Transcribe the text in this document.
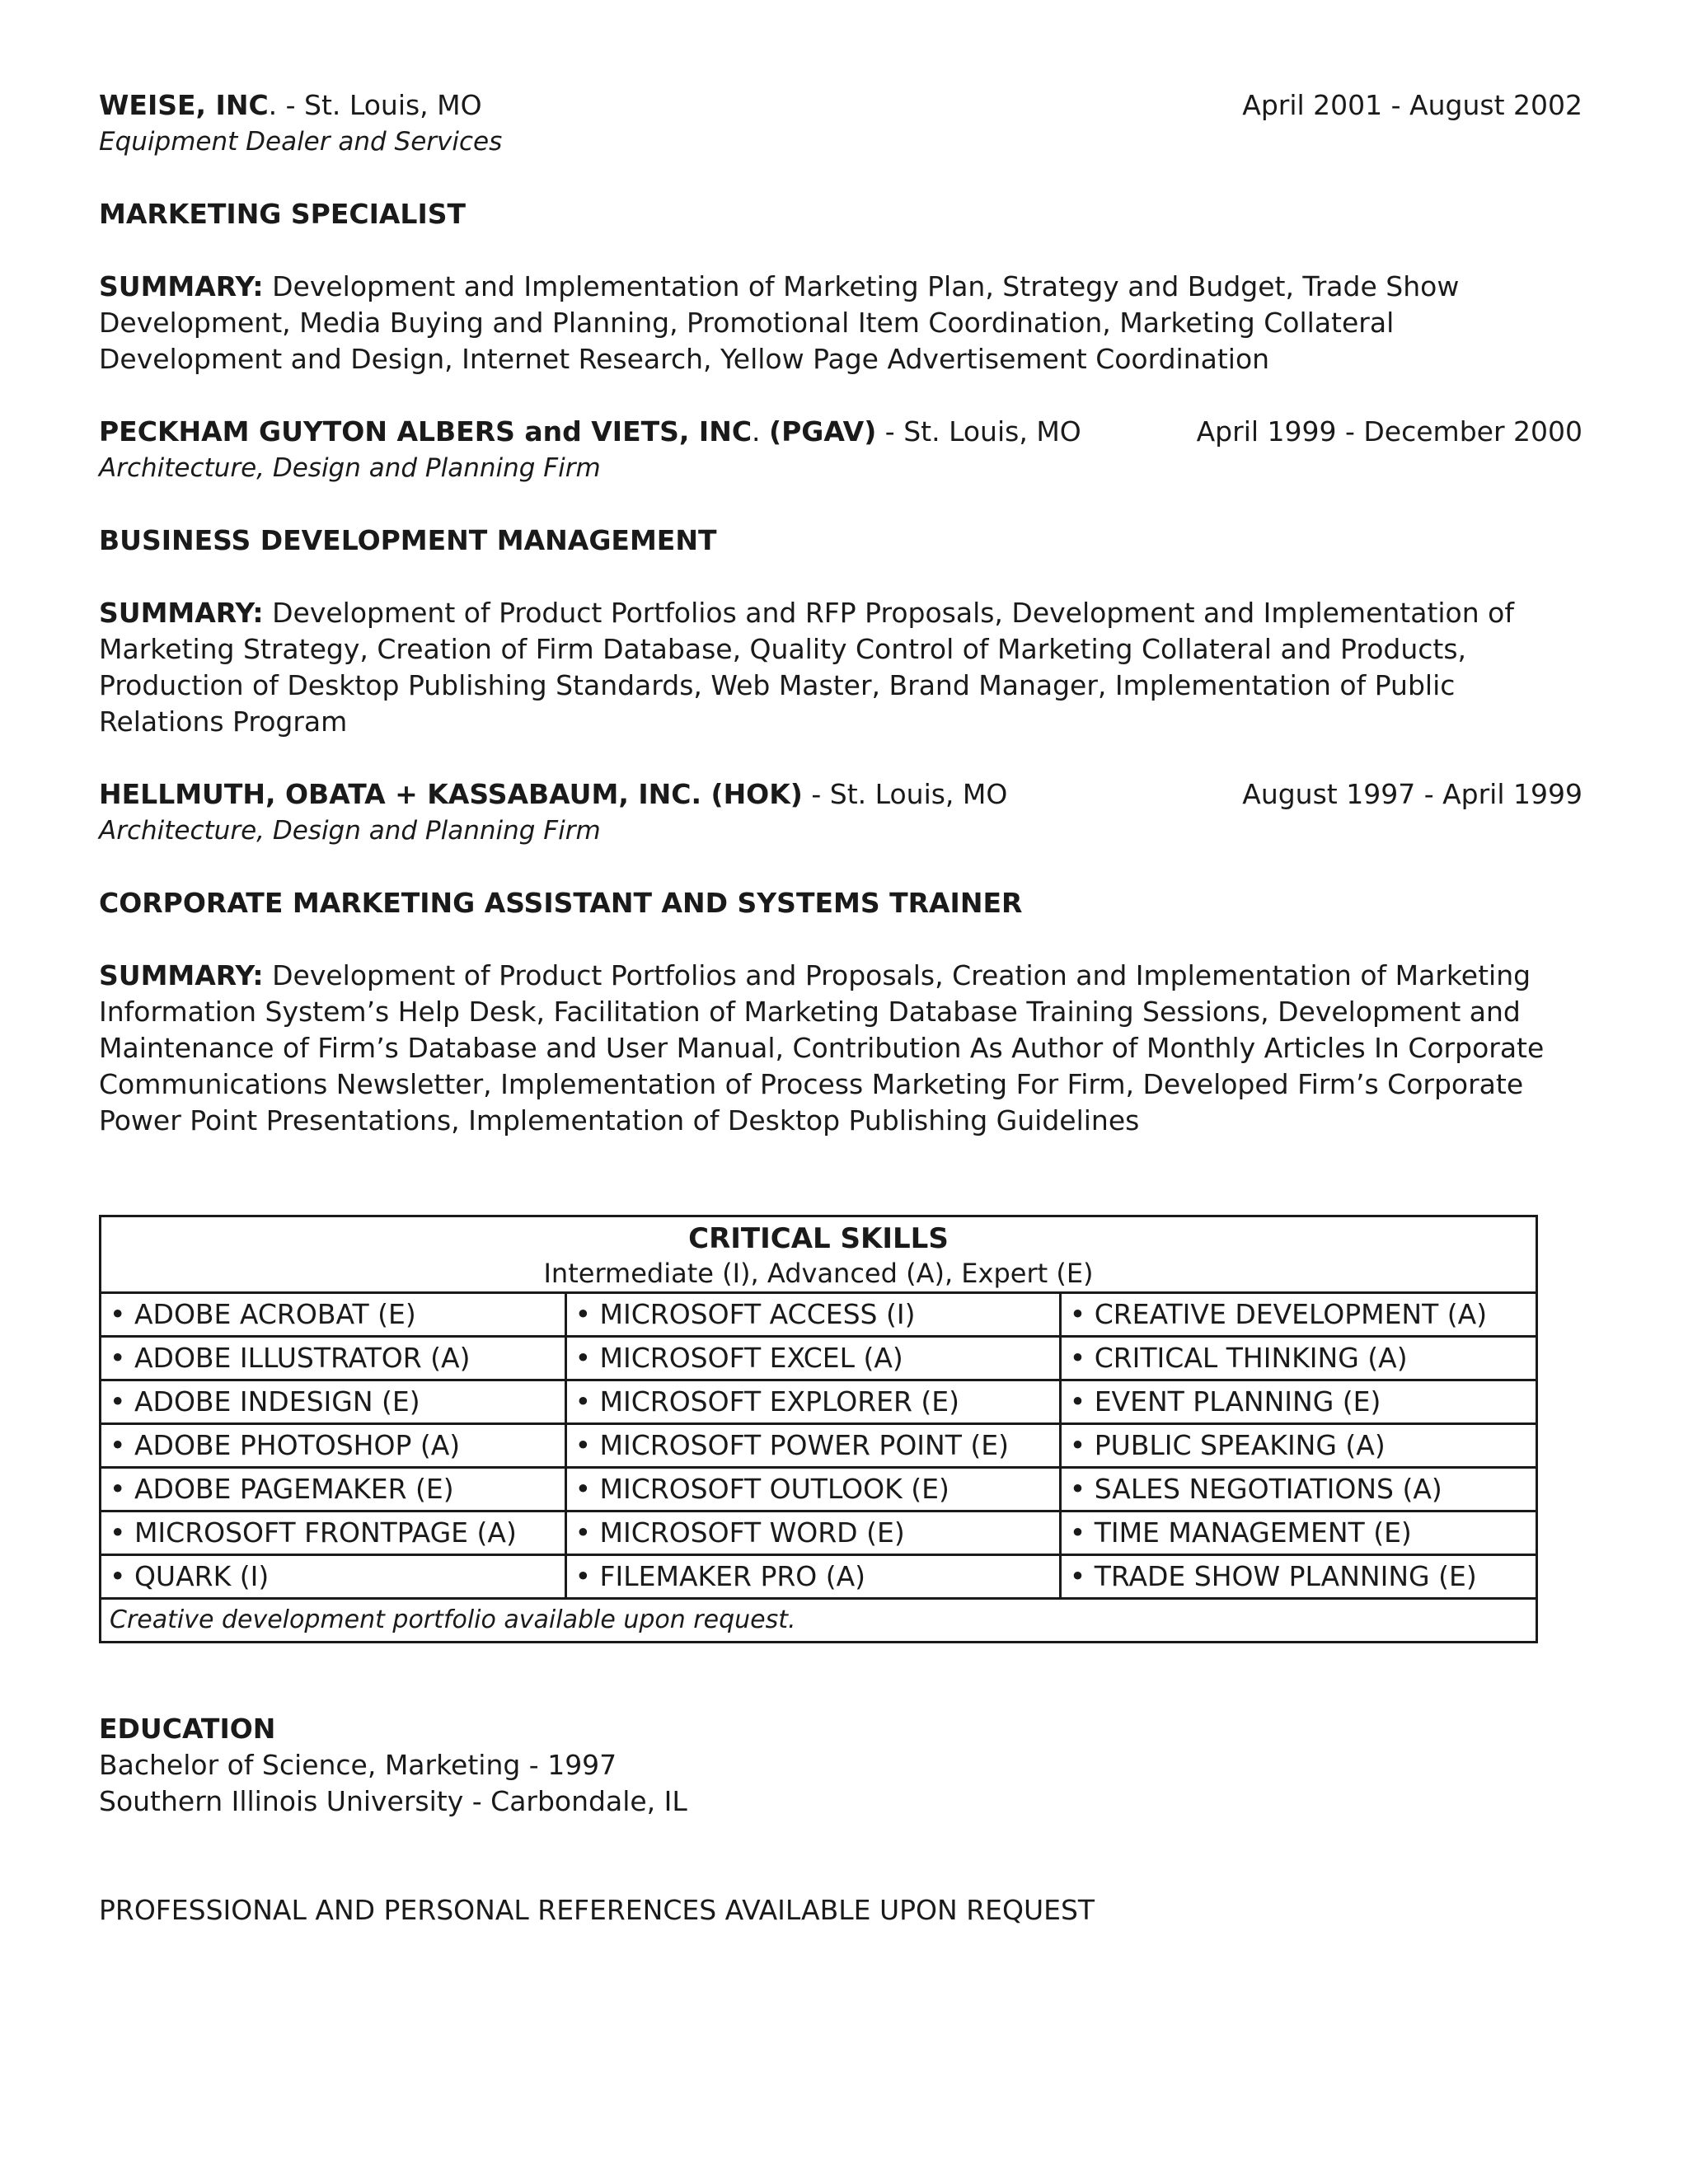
WEISE, INC. - St. Louis, MO	April 2001 - August 2002
Equipment Dealer and Services
MARKETING SPECIALIST
SUMMARY: Development and Implementation of Marketing Plan, Strategy and Budget, Trade Show Development, Media Buying and Planning, Promotional Item Coordination, Marketing Collateral Development and Design, Internet Research, Yellow Page Advertisement Coordination
PECKHAM GUYTON ALBERS and VIETS, INC. (PGAV) - St. Louis, MO	April 1999 - December 2000
Architecture, Design and Planning Firm
BUSINESS DEVELOPMENT MANAGEMENT
SUMMARY: Development of Product Portfolios and RFP Proposals, Development and Implementation of Marketing Strategy, Creation of Firm Database, Quality Control of Marketing Collateral and Products, Production of Desktop Publishing Standards, Web Master, Brand Manager, Implementation of Public Relations Program
HELLMUTH, OBATA + KASSABAUM, INC. (HOK) - St. Louis, MO	August 1997 - April 1999
Architecture, Design and Planning Firm
CORPORATE MARKETING ASSISTANT AND SYSTEMS TRAINER
SUMMARY: Development of Product Portfolios and Proposals, Creation and Implementation of Marketing Information System’s Help Desk, Facilitation of Marketing Database Training Sessions, Development and Maintenance of Firm’s Database and User Manual, Contribution As Author of Monthly Articles In Corporate Communications Newsletter, Implementation of Process Marketing For Firm, Developed Firm’s Corporate Power Point Presentations, Implementation of Desktop Publishing Guidelines
CRITICAL SKILLS
Intermediate (I), Advanced (A), Expert (E)		

• ADOBE ACROBAT (E)	• MICROSOFT ACCESS (I)	• CREATIVE DEVELOPMENT (A)
• ADOBE ILLUSTRATOR (A)	• MICROSOFT EXCEL (A)	• CRITICAL THINKING (A)
• ADOBE INDESIGN (E)	• MICROSOFT EXPLORER (E)	• EVENT PLANNING (E)
• ADOBE PHOTOSHOP (A)	• MICROSOFT POWER POINT (E)	• PUBLIC SPEAKING (A)
• ADOBE PAGEMAKER (E)	• MICROSOFT OUTLOOK (E)	• SALES NEGOTIATIONS (A)
• MICROSOFT FRONTPAGE (A)	• MICROSOFT WORD (E)	• TIME MANAGEMENT (E)
• QUARK (I)	• FILEMAKER PRO (A)	• TRADE SHOW PLANNING (E)
Creative development portfolio available upon request.		
EDUCATION
Bachelor of Science, Marketing - 1997
Southern Illinois University - Carbondale, IL
PROFESSIONAL AND PERSONAL REFERENCES AVAILABLE UPON REQUEST
